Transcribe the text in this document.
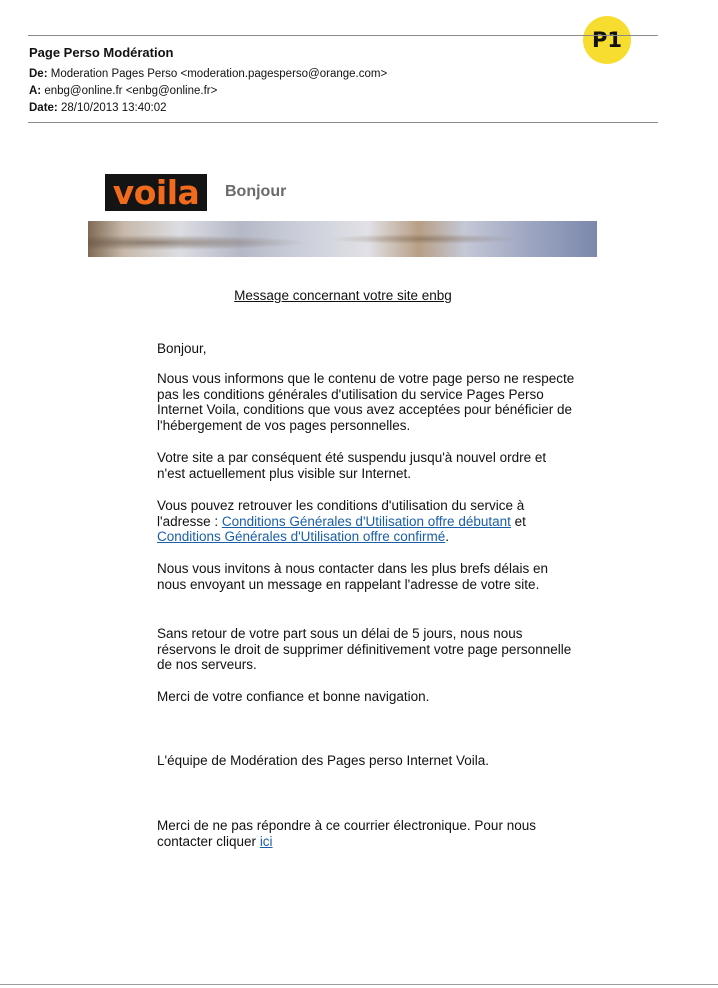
P1
Page Perso Modération
De: Moderation Pages Perso <moderation.pagesperso@orange.com>
A: enbg@online.fr <enbg@online.fr>
Date: 28/10/2013 13:40:02
voila Bonjour
Message concernant votre site enbg

Bonjour,

Nous vous informons que le contenu de votre page perso ne respecte pas les conditions générales d'utilisation du service Pages Perso Internet Voila, conditions que vous avez acceptées pour bénéficier de l'hébergement de vos pages personnelles.

Votre site a par conséquent été suspendu jusqu'à nouvel ordre et n'est actuellement plus visible sur Internet.

Vous pouvez retrouver les conditions d'utilisation du service à l'adresse : Conditions Générales d'Utilisation offre débutant et Conditions Générales d'Utilisation offre confirmé.

Nous vous invitons à nous contacter dans les plus brefs délais en nous envoyant un message en rappelant l'adresse de votre site.

Sans retour de votre part sous un délai de 5 jours, nous nous réservons le droit de supprimer définitivement votre page personnelle de nos serveurs.

Merci de votre confiance et bonne navigation.

L'équipe de Modération des Pages perso Internet Voila.

Merci de ne pas répondre à ce courrier électronique. Pour nous contacter cliquer ici
